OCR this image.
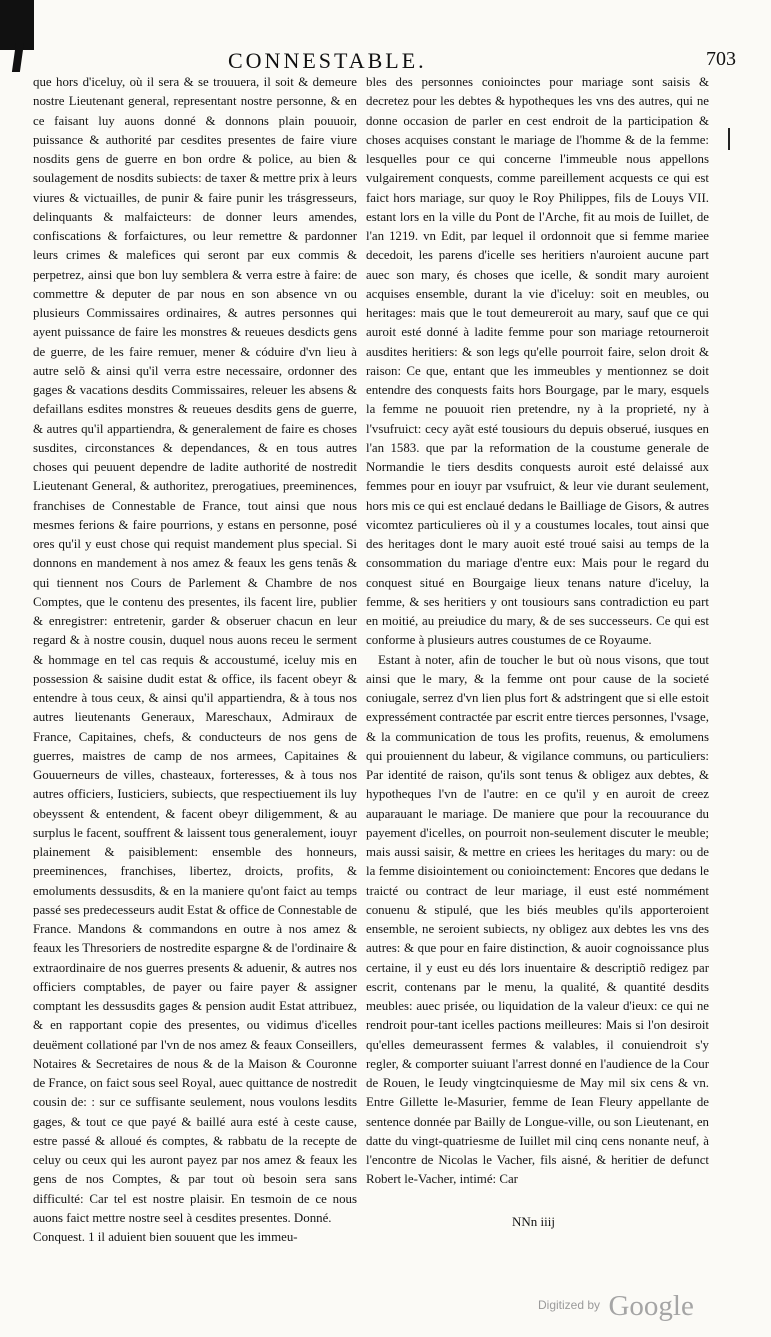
CONNESTABLE.	703

que hors d'iceluy, où il sera & se trouuera, il soit & demeure nostre Lieutenant general, representant nostre personne, & en ce faisant luy auons donné & donnons plain pouuoir, puissance & authorité par cesdites presentes de faire viure nosdits gens de guerre en bon ordre & police, au bien & soulagement de nosdits subiects: de taxer & mettre prix à leurs viures & victuailles, de punir & faire punir les trásgresseurs, delinquants & malfaicteurs: de donner leurs amendes, confiscations & forfaictures, ou leur remettre & pardonner leurs crimes & malefices qui seront par eux commis & perpetrez, ainsi que bon luy semblera & verra estre à faire: de commettre & deputer de par nous en son absence vn ou plusieurs Commissaires ordinaires, & autres personnes qui ayent puissance de faire les monstres & reueues desdicts gens de guerre, de les faire remuer, mener & códuire d'vn lieu à autre selõ & ainsi qu'il verra estre necessaire, ordonner des gages & vacations desdits Commissaires, releuer les absens & defaillans esdites monstres & reueues desdits gens de guerre, & autres qu'il appartiendra, & generalement de faire es choses susdites, circonstances & dependances, & en tous autres choses qui peuuent dependre de ladite authorité de nostredit Lieutenant General, & authoritez, prerogatiues, preeminences, franchises de Connestable de France, tout ainsi que nous mesmes ferions & faire pourrions, y estans en personne, posé ores qu'il y eust chose qui requist mandement plus special. Si donnons en mandement à nos amez & feaux les gens tenãs & qui tiennent nos Cours de Parlement & Chambre de nos Comptes, que le contenu des presentes, ils facent lire, publier & enregistrer: entretenir, garder & obseruer chacun en leur regard & à nostre cousin, duquel nous auons receu le serment & hommage en tel cas requis & accoustumé, iceluy mis en possession & saisine dudit estat & office, ils facent obeyr & entendre à tous ceux, & ainsi qu'il appartiendra, & à tous nos autres lieutenants Generaux, Mareschaux, Admiraux de France, Capitaines, chefs, & conducteurs de nos gens de guerres, maistres de camp de nos armees, Capitaines & Gouuerneurs de villes, chasteaux, forteresses, & à tous nos autres officiers, Iusticiers, subiects, que respectiuement ils luy obeyssent & entendent, & facent obeyr diligemment, & au surplus le facent, souffrent & laissent tous generalement, iouyr plainement & paisiblement: ensemble des honneurs, preeminences, franchises, libertez, droicts, profits, & emoluments dessusdits, & en la maniere qu'ont faict au temps passé ses predecesseurs audit Estat & office de Connestable de France. Mandons & commandons en outre à nos amez & feaux les Thresoriers de nostredite espargne & de l'ordinaire & extraordinaire de nos guerres presents & aduenir, & autres nos officiers comptables, de payer ou faire payer & assigner comptant les dessusdits gages & pension audit Estat attribuez, & en rapportant copie des presentes, ou vidimus d'icelles deuëment collationé par l'vn de nos amez & feaux Conseillers, Notaires & Secretaires de nous & de la Maison & Couronne de France, on faict sous seel Royal, auec quittance de nostredit cousin de: : sur ce suffisante seulement, nous voulons lesdits gages, & tout ce que payé & baillé aura esté à ceste cause, estre passé & alloué és comptes, & rabbatu de la recepte de celuy ou ceux qui les auront payez par nos amez & feaux les gens de nos Comptes, & par tout où besoin sera sans difficulté: Car tel est nostre plaisir. En tesmoin de ce nous auons faict mettre nostre seel à cesdites presentes. Donné.

Conquest. 1 il aduient bien souuent que les immeu-

bles des personnes conioinctes pour mariage sont saisis & decretez pour les debtes & hypotheques les vns des autres, qui ne donne occasion de parler en cest endroit de la participation & choses acquises constant le mariage de l'homme & de la femme: lesquelles pour ce qui concerne l'immeuble nous appellons vulgairement conquests, comme pareillement acquests ce qui est faict hors mariage, sur quoy le Roy Philippes, fils de Louys VII. estant lors en la ville du Pont de l'Arche, fit au mois de Iuillet, de l'an 1219. vn Edit, par lequel il ordonnoit que si femme mariee decedoit, les parens d'icelle ses heritiers n'auroient aucune part auec son mary, és choses que icelle, & sondit mary auroient acquises ensemble, durant la vie d'iceluy: soit en meubles, ou heritages: mais que le tout demeureroit au mary, sauf que ce qui auroit esté donné à ladite femme pour son mariage retourneroit ausdites heritiers: & son legs qu'elle pourroit faire, selon droit & raison: Ce que, entant que les immeubles y mentionnez se doit entendre des conquests faits hors Bourgage, par le mary, esquels la femme ne pouuoit rien pretendre, ny à la proprieté, ny à l'vsufruict: cecy ayãt esté tousiours du depuis obserué, iusques en l'an 1583. que par la reformation de la coustume generale de Normandie le tiers desdits conquests auroit esté delaissé aux femmes pour en iouyr par vsufruict, & leur vie durant seulement, hors mis ce qui est enclaué dedans le Bailliage de Gisors, & autres vicomtez particulieres où il y a coustumes locales, tout ainsi que des heritages dont le mary auoit esté troué saisi au temps de la consommation du mariage d'entre eux: Mais pour le regard du conquest situé en Bourgaige lieux tenans nature d'iceluy, la femme, & ses heritiers y ont tousiours sans contradiction eu part en moitié, au preiudice du mary, & de ses successeurs. Ce qui est conforme à plusieurs autres coustumes de ce Royaume.

Estant à noter, afin de toucher le but où nous visons, que tout ainsi que le mary, & la femme ont pour cause de la societé coniugale, serrez d'vn lien plus fort & adstringent que si elle estoit expressément contractée par escrit entre tierces personnes, l'vsage, & la communication de tous les profits, reuenus, & emolumens qui prouiennent du labeur, & vigilance communs, ou particuliers: Par identité de raison, qu'ils sont tenus & obligez aux debtes, & hypotheques l'vn de l'autre: en ce qu'il y en auroit de creez auparauant le mariage. De maniere que pour la recouurance du payement d'icelles, on pourroit non-seulement discuter le meuble; mais aussi saisir, & mettre en criees les heritages du mary: ou de la femme disiointement ou conioinctement: Encores que dedans le traicté ou contract de leur mariage, il eust esté nommément conuenu & stipulé, que les biés meubles qu'ils apporteroient ensemble, ne seroient subiects, ny obligez aux debtes les vns des autres: & que pour en faire distinction, & auoir cognoissance plus certaine, il y eust eu dés lors inuentaire & descriptiõ redigez par escrit, contenans par le menu, la qualité, & quantité desdits meubles: auec prisée, ou liquidation de la valeur d'ieux: ce qui ne rendroit pour-tant icelles pactions meilleures: Mais si l'on desiroit qu'elles demeurassent fermes & valables, il conuiendroit s'y regler, & comporter suiuant l'arrest donné en l'audience de la Cour de Rouen, le Ieudy vingtcinquiesme de May mil six cens & vn. Entre Gillette le-Masurier, femme de Iean Fleury appellante de sentence donnée par Bailly de Longue-ville, ou son Lieutenant, en datte du vingt-quatriesme de Iuillet mil cinq cens nonante neuf, à l'encontre de Nicolas le Vacher, fils aisné, & heritier de defunct Robert le-Vacher, intimé: Car

NNn iiij
$^{Digitized by}$ Google
